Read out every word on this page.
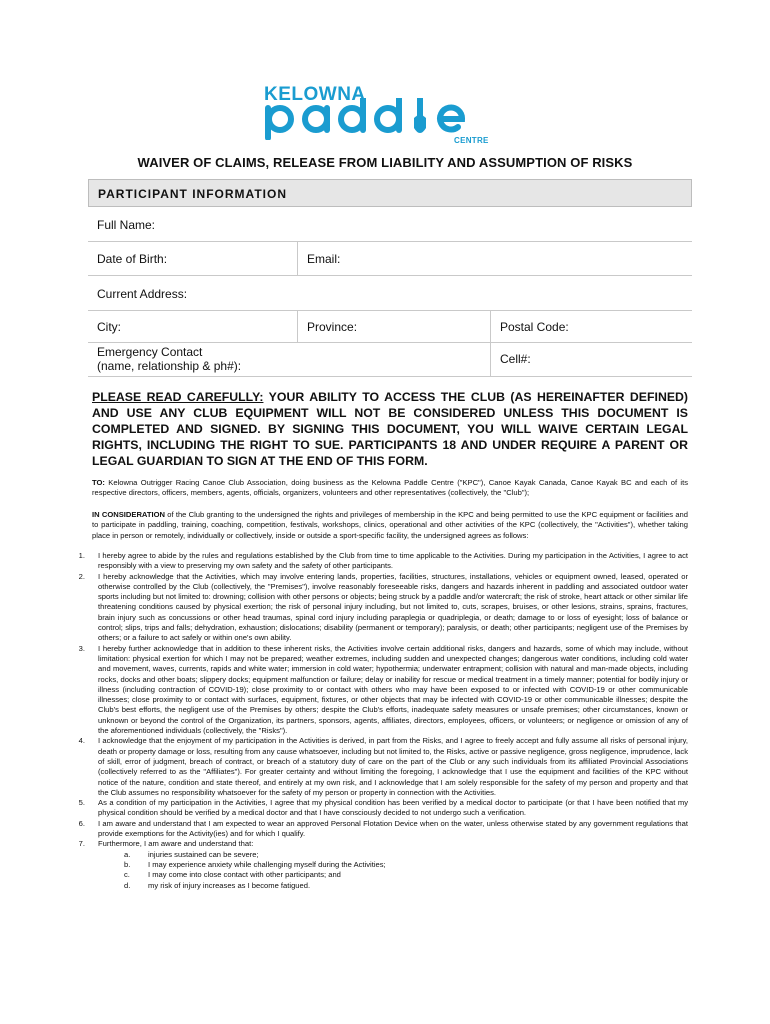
KELOWNA
CENTRE
WAIVER OF CLAIMS, RELEASE FROM LIABILITY AND ASSUMPTION OF RISKS
PARTICIPANT INFORMATION
Full Name:
Date of Birth:	Email:
Current Address:
City:	Province:	Postal Code:
Emergency Contact
(name, relationship & ph#):	Cell#:
PLEASE READ CAREFULLY: YOUR ABILITY TO ACCESS THE CLUB (AS HEREINAFTER DEFINED) AND USE ANY CLUB EQUIPMENT WILL NOT BE CONSIDERED UNLESS THIS DOCUMENT IS COMPLETED AND SIGNED. BY SIGNING THIS DOCUMENT, YOU WILL WAIVE CERTAIN LEGAL RIGHTS, INCLUDING THE RIGHT TO SUE. PARTICIPANTS 18 AND UNDER REQUIRE A PARENT OR LEGAL GUARDIAN TO SIGN AT THE END OF THIS FORM.
TO: Kelowna Outrigger Racing Canoe Club Association, doing business as the Kelowna Paddle Centre ("KPC"), Canoe Kayak Canada, Canoe Kayak BC and each of its respective directors, officers, members, agents, officials, organizers, volunteers and other representatives (collectively, the "Club");
IN CONSIDERATION of the Club granting to the undersigned the rights and privileges of membership in the KPC and being permitted to use the KPC equipment or facilities and to participate in paddling, training, coaching, competition, festivals, workshops, clinics, operational and other activities of the KPC (collectively, the "Activities"), whether taking place in person or remotely, individually or collectively, inside or outside a sport-specific facility, the undersigned agrees as follows:
1. I hereby agree to abide by the rules and regulations established by the Club from time to time applicable to the Activities. During my participation in the Activities, I agree to act responsibly with a view to preserving my own safety and the safety of other participants.
2. I hereby acknowledge that the Activities, which may involve entering lands, properties, facilities, structures, installations, vehicles or equipment owned, leased, operated or otherwise controlled by the Club (collectively, the "Premises"), involve reasonably foreseeable risks, dangers and hazards inherent in paddling and associated outdoor water sports including but not limited to: drowning; collision with other persons or objects; being struck by a paddle and/or watercraft; the risk of stroke, heart attack or other similar life threatening conditions caused by physical exertion; the risk of personal injury including, but not limited to, cuts, scrapes, bruises, or other lesions, strains, sprains, fractures, brain injury such as concussions or other head traumas, spinal cord injury including paraplegia or quadriplegia, or death; damage to or loss of eyesight; loss of balance or control; slips, trips and falls; dehydration, exhaustion; dislocations; disability (permanent or temporary); paralysis, or death; other participants; negligent use of the Premises by others; or a failure to act safely or within one's own ability.
3. I hereby further acknowledge that in addition to these inherent risks, the Activities involve certain additional risks, dangers and hazards, some of which may include, without limitation: physical exertion for which I may not be prepared; weather extremes, including sudden and unexpected changes; dangerous water conditions, including cold water and movement, waves, currents, rapids and white water; immersion in cold water; hypothermia; underwater entrapment; collision with natural and man-made objects, including rocks, docks and other boats; slippery docks; equipment malfunction or failure; delay or inability for rescue or medical treatment in a timely manner; potential for bodily injury or illness (including contraction of COVID-19); close proximity to or contact with others who may have been exposed to or infected with COVID-19 or other communicable illnesses; close proximity to or contact with surfaces, equipment, fixtures, or other objects that may be infected with COVID-19 or other communicable illnesses; despite the Club's best efforts, the negligent use of the Premises by others; despite the Club's efforts, inadequate safety measures or unsafe premises; other circumstances, known or unknown or beyond the control of the Organization, its partners, sponsors, agents, affiliates, directors, employees, officers, or volunteers; or negligence or omission of any of the aforementioned individuals (collectively, the "Risks").
4. I acknowledge that the enjoyment of my participation in the Activities is derived, in part from the Risks, and I agree to freely accept and fully assume all risks of personal injury, death or property damage or loss, resulting from any cause whatsoever, including but not limited to, the Risks, active or passive negligence, gross negligence, imprudence, lack of skill, error of judgment, breach of contract, or breach of a statutory duty of care on the part of the Club or any such individuals from its affiliated Provincial Associations (collectively referred to as the "Affiliates"). For greater certainty and without limiting the foregoing, I acknowledge that I use the equipment and facilities of the KPC without notice of the nature, condition and state thereof, and entirely at my own risk, and I acknowledge that I am solely responsible for the safety of my person and property and that the Club assumes no responsibility whatsoever for the safety of my person or property in connection with the Activities.
5. As a condition of my participation in the Activities, I agree that my physical condition has been verified by a medical doctor to participate (or that I have been notified that my physical condition should be verified by a medical doctor and that I have consciously decided to not undergo such a verification.
6. I am aware and understand that I am expected to wear an approved Personal Flotation Device when on the water, unless otherwise stated by any government regulations that provide exemptions for the Activity(ies) and for which I qualify.
7. Furthermore, I am aware and understand that:
a. injuries sustained can be severe;
b. I may experience anxiety while challenging myself during the Activities;
c. I may come into close contact with other participants; and
d. my risk of injury increases as I become fatigued.
